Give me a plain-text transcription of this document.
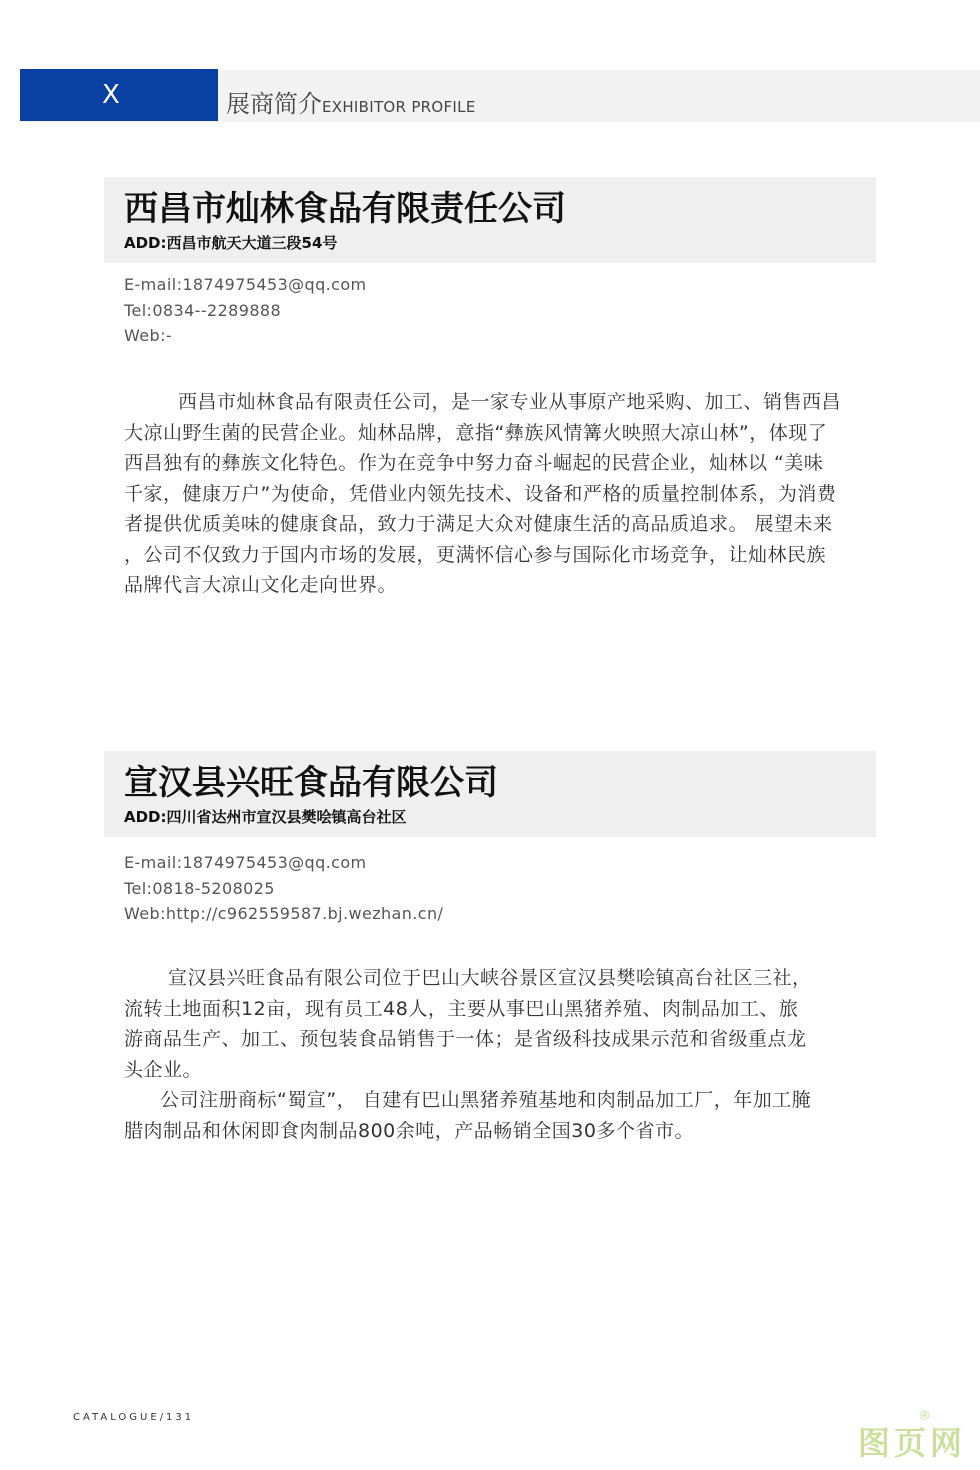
X	展商简介EXHIBITOR PROFILE
西昌市灿林食品有限责任公司
ADD:西昌市航天大道三段54号
E-mail:1874975453@qq.com
Tel:0834--2289888
Web:-

西昌市灿林食品有限责任公司，是一家专业从事原产地采购、加工、销售西昌

大凉山野生菌的民营企业。灿林品牌，意指“彝族风情篝火映照大凉山林”，体现了

西昌独有的彝族文化特色。作为在竞争中努力奋斗崛起的民营企业，灿林以 “美味

千家，健康万户”为使命，凭借业内领先技术、设备和严格的质量控制体系，为消费

者提供优质美味的健康食品，致力于满足大众对健康生活的高品质追求。 展望未来

，公司不仅致力于国内市场的发展，更满怀信心参与国际化市场竞争，让灿林民族

品牌代言大凉山文化走向世界。

宣汉县兴旺食品有限公司
ADD:四川省达州市宣汉县樊哙镇高台社区
E-mail:1874975453@qq.com
Tel:0818-5208025
Web:http://c962559587.bj.wezhan.cn/

宣汉县兴旺食品有限公司位于巴山大峡谷景区宣汉县樊哙镇高台社区三社，

流转土地面积12亩，现有员工48人，主要从事巴山黑猪养殖、肉制品加工、旅

游商品生产、加工、预包装食品销售于一体；是省级科技成果示范和省级重点龙

头企业。

公司注册商标“蜀宣”， 自建有巴山黑猪养殖基地和肉制品加工厂，年加工腌

腊肉制品和休闲即食肉制品800余吨，产品畅销全国30多个省市。

CATALOGUE/131
图页网
®
